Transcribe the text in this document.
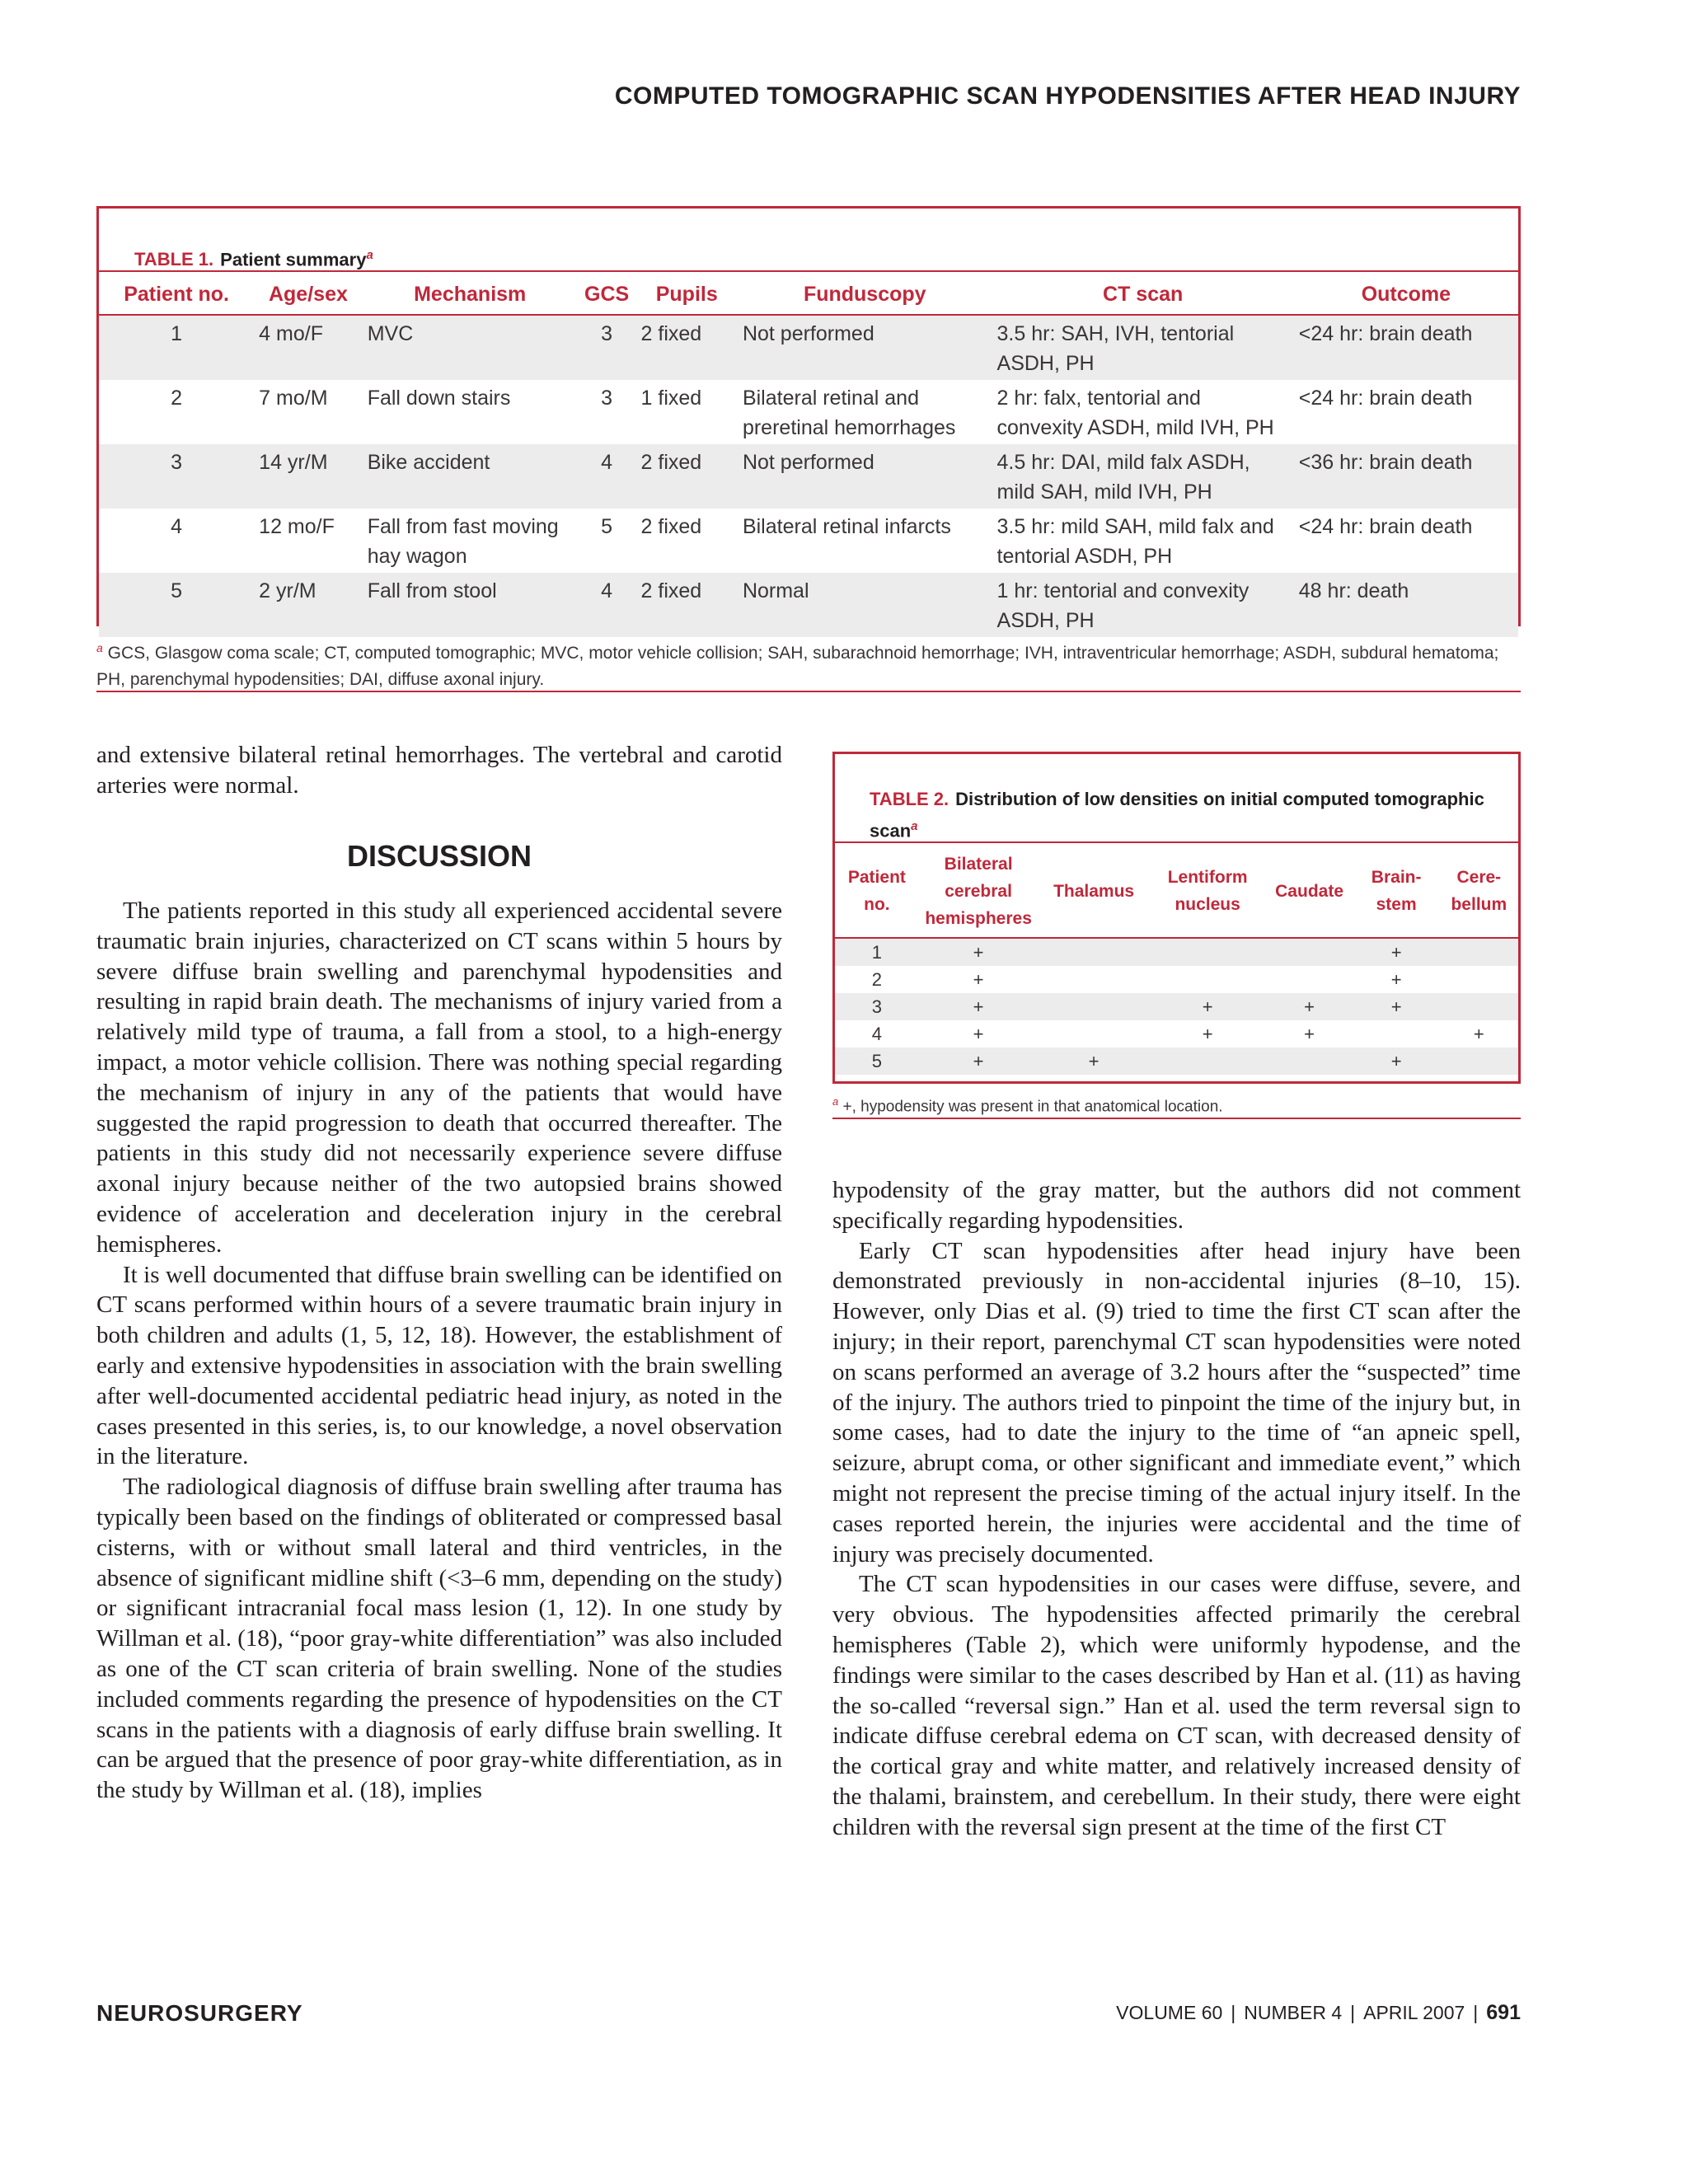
COMPUTED TOMOGRAPHIC SCAN HYPODENSITIES AFTER HEAD INJURY
TABLE 1. Patient summary$^a$
Patient no.	Age/sex	Mechanism	GCS	Pupils	Funduscopy	CT scan	Outcome
1	4 mo/F	MVC	3	2 fixed	Not performed	3.5 hr: SAH, IVH, tentorial ASDH, PH	<24 hr: brain death
2	7 mo/M	Fall down stairs	3	1 fixed	Bilateral retinal and preretinal hemorrhages	2 hr: falx, tentorial and convexity ASDH, mild IVH, PH	<24 hr: brain death
3	14 yr/M	Bike accident	4	2 fixed	Not performed	4.5 hr: DAI, mild falx ASDH, mild SAH, mild IVH, PH	<36 hr: brain death
4	12 mo/F	Fall from fast moving hay wagon	5	2 fixed	Bilateral retinal infarcts	3.5 hr: mild SAH, mild falx and tentorial ASDH, PH	<24 hr: brain death
5	2 yr/M	Fall from stool	4	2 fixed	Normal	1 hr: tentorial and convexity ASDH, PH	48 hr: death
$^a$ GCS, Glasgow coma scale; CT, computed tomographic; MVC, motor vehicle collision; SAH, subarachnoid hemorrhage; IVH, intraventricular hemorrhage; ASDH, subdural hematoma; PH, parenchymal hypodensities; DAI, diffuse axonal injury.

and extensive bilateral retinal hemorrhages. The vertebral and carotid arteries were normal.

DISCUSSION

The patients reported in this study all experienced accidental severe traumatic brain injuries, characterized on CT scans within 5 hours by severe diffuse brain swelling and parenchymal hypodensities and resulting in rapid brain death. The mechanisms of injury varied from a relatively mild type of trauma, a fall from a stool, to a high-energy impact, a motor vehicle collision. There was nothing special regarding the mechanism of injury in any of the patients that would have suggested the rapid progression to death that occurred thereafter. The patients in this study did not necessarily experience severe diffuse axonal injury because neither of the two autopsied brains showed evidence of acceleration and deceleration injury in the cerebral hemispheres.

It is well documented that diffuse brain swelling can be identified on CT scans performed within hours of a severe traumatic brain injury in both children and adults (1, 5, 12, 18). However, the establishment of early and extensive hypodensities in association with the brain swelling after well-documented accidental pediatric head injury, as noted in the cases presented in this series, is, to our knowledge, a novel observation in the literature.

The radiological diagnosis of diffuse brain swelling after trauma has typically been based on the findings of obliterated or compressed basal cisterns, with or without small lateral and third ventricles, in the absence of significant midline shift (<3–6 mm, depending on the study) or significant intracranial focal mass lesion (1, 12). In one study by Willman et al. (18), “poor gray-white differentiation” was also included as one of the CT scan criteria of brain swelling. None of the studies included comments regarding the presence of hypodensities on the CT scans in the patients with a diagnosis of early diffuse brain swelling. It can be argued that the presence of poor gray-white differentiation, as in the study by Willman et al. (18), implies

TABLE 2. Distribution of low densities on initial computed tomographic scan$^a$
Patient no.	Bilateral cerebral hemispheres	Thalamus	Lentiform nucleus	Caudate	Brain-stem	Cere-bellum
1	+				+	
2	+				+	
3	+		+	+	+	
4	+		+	+		+
5	+	+			+	
$^a$ +, hypodensity was present in that anatomical location.

hypodensity of the gray matter, but the authors did not comment specifically regarding hypodensities.

Early CT scan hypodensities after head injury have been demonstrated previously in non-accidental injuries (8–10, 15). However, only Dias et al. (9) tried to time the first CT scan after the injury; in their report, parenchymal CT scan hypodensities were noted on scans performed an average of 3.2 hours after the “suspected” time of the injury. The authors tried to pinpoint the time of the injury but, in some cases, had to date the injury to the time of “an apneic spell, seizure, abrupt coma, or other significant and immediate event,” which might not represent the precise timing of the actual injury itself. In the cases reported herein, the injuries were accidental and the time of injury was precisely documented.

The CT scan hypodensities in our cases were diffuse, severe, and very obvious. The hypodensities affected primarily the cerebral hemispheres (Table 2), which were uniformly hypodense, and the findings were similar to the cases described by Han et al. (11) as having the so-called “reversal sign.” Han et al. used the term reversal sign to indicate diffuse cerebral edema on CT scan, with decreased density of the cortical gray and white matter, and relatively increased density of the thalami, brainstem, and cerebellum. In their study, there were eight children with the reversal sign present at the time of the first CT

NEUROSURGERY	VOLUME 60 | NUMBER 4 | APRIL 2007 | 691
